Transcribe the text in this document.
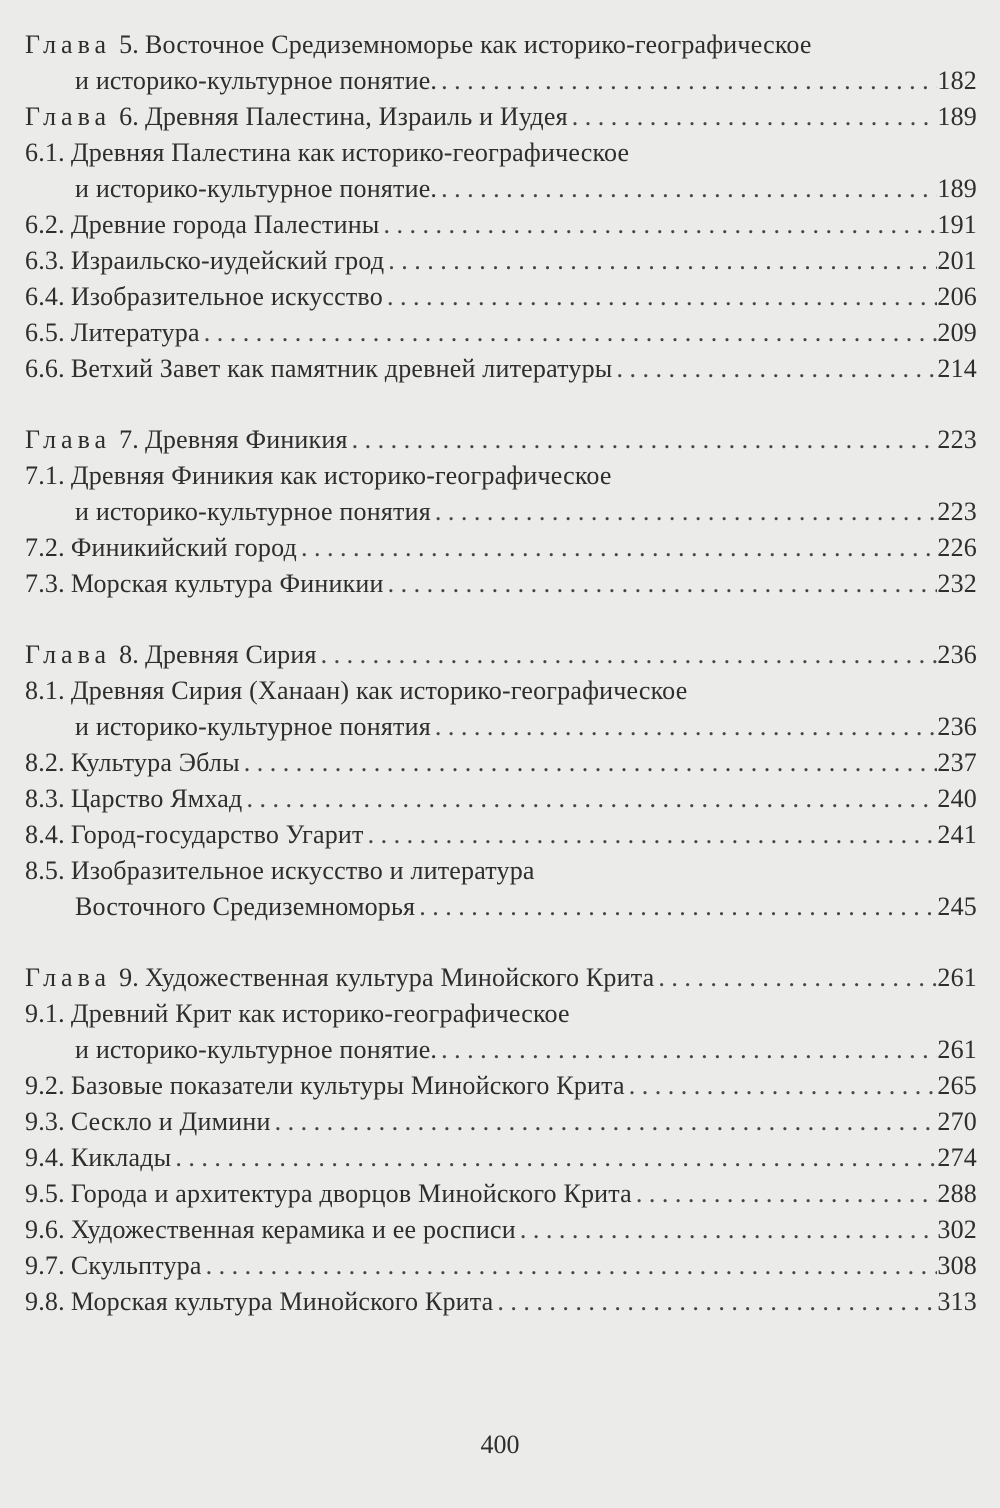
Глава 5. Восточное Средиземноморье как историко-географическое
и историко-культурное понятие. . . .	182
Глава 6. Древняя Палестина, Израиль и Иудея . . .	189
6.1. Древняя Палестина как историко-географическое
и историко-культурное понятие. . . .	189
6.2. Древние города Палестины . . .	191
6.3. Израильско-иудейский грод . . .	201
6.4. Изобразительное искусство . . .	206
6.5. Литература . . .	209
6.6. Ветхий Завет как памятник древней литературы . . .	214
Глава 7. Древняя Финикия . . .	223
7.1. Древняя Финикия как историко-географическое
и историко-культурное понятия . . .	223
7.2. Финикийский город . . .	226
7.3. Морская культура Финикии . . .	232
Глава 8. Древняя Сирия . . .	236
8.1. Древняя Сирия (Ханаан) как историко-географическое
и историко-культурное понятия . . .	236
8.2. Культура Эблы . . .	237
8.3. Царство Ямхад . . .	240
8.4. Город-государство Угарит . . .	241
8.5. Изобразительное искусство и литература
Восточного Средиземноморья . . .	245
Глава 9. Художественная культура Минойского Крита . . .	261
9.1. Древний Крит как историко-географическое
и историко-культурное понятие. . . .	261
9.2. Базовые показатели культуры Минойского Крита . . .	265
9.3. Сескло и Димини . . .	270
9.4. Киклады . . .	274
9.5. Города и архитектура дворцов Минойского Крита . . .	288
9.6. Художественная керамика и ее росписи . . .	302
9.7. Скульптура . . .	308
9.8. Морская культура Минойского Крита . . .	313
400
